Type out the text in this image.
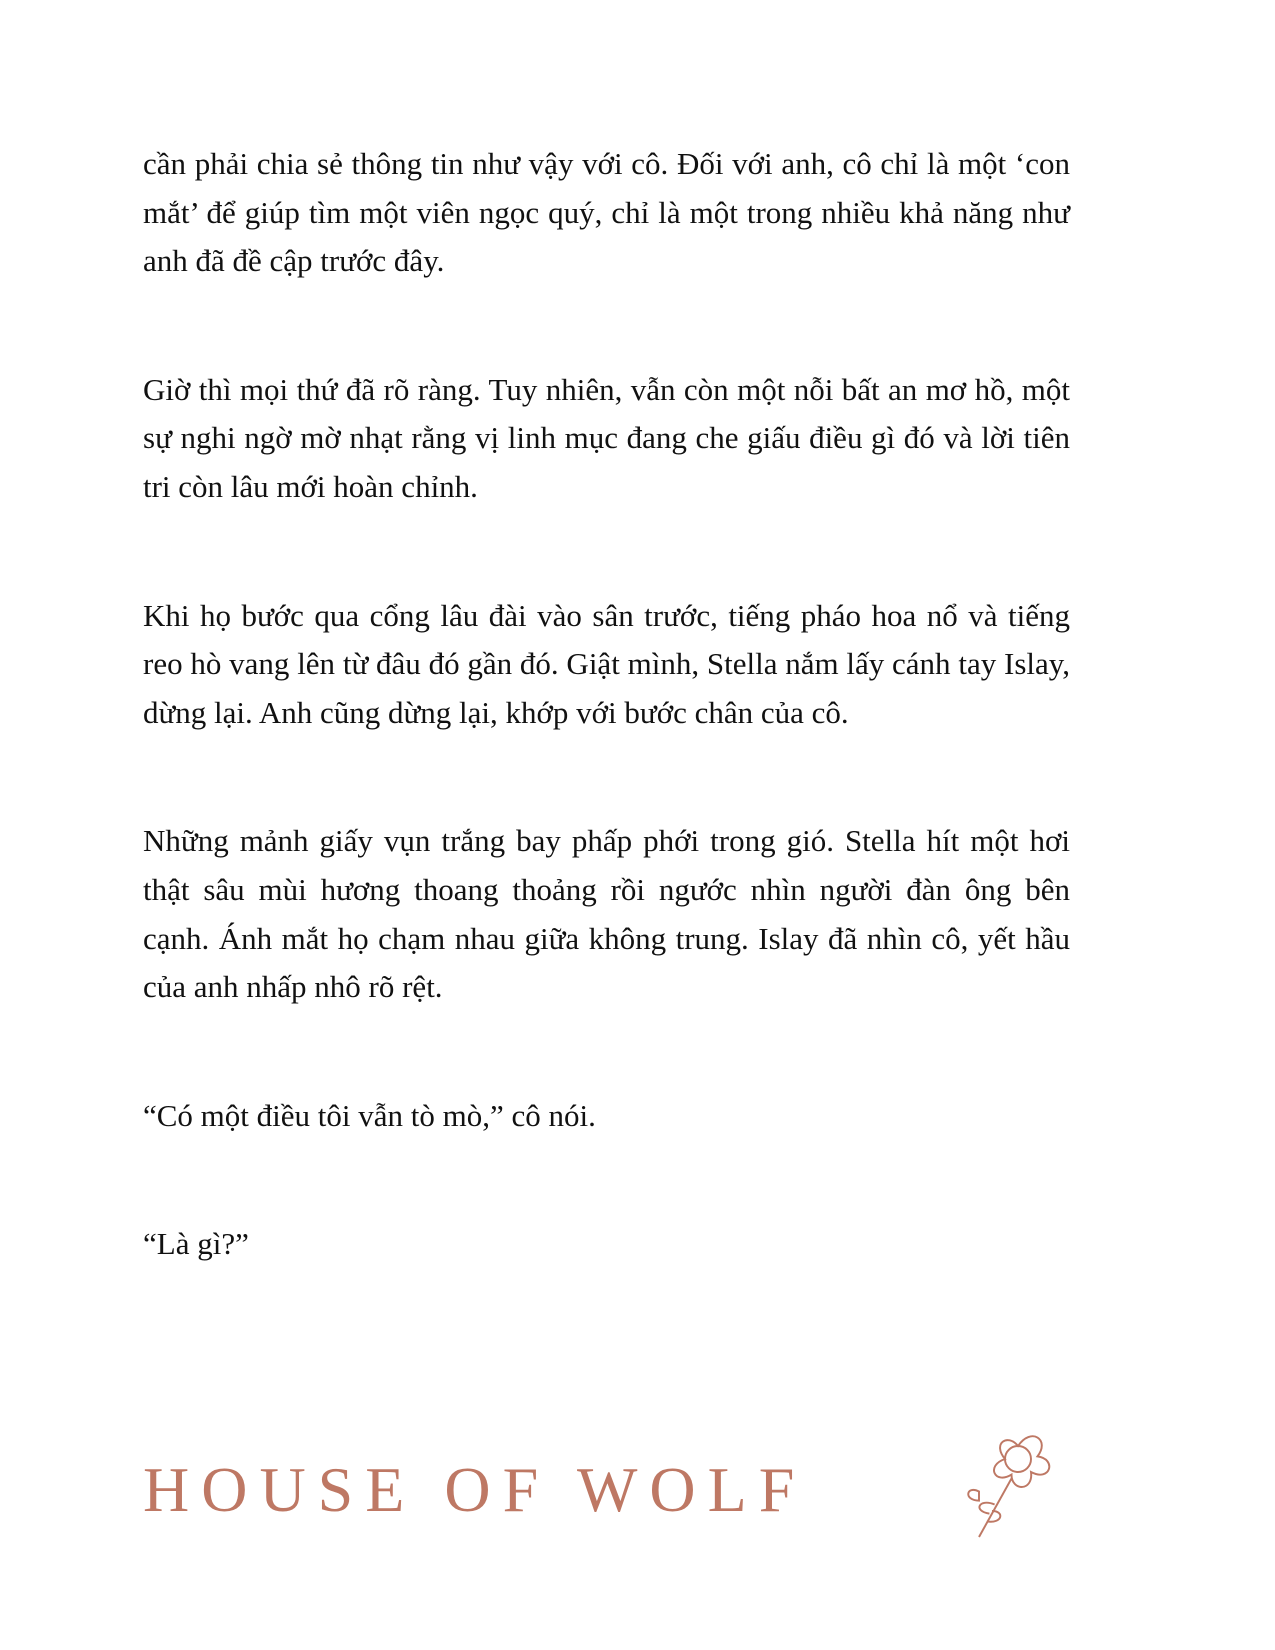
cần phải chia sẻ thông tin như vậy với cô. Đối với anh, cô chỉ là một ‘con mắt’ để giúp tìm một viên ngọc quý, chỉ là một trong nhiều khả năng như anh đã đề cập trước đây.

Giờ thì mọi thứ đã rõ ràng. Tuy nhiên, vẫn còn một nỗi bất an mơ hồ, một sự nghi ngờ mờ nhạt rằng vị linh mục đang che giấu điều gì đó và lời tiên tri còn lâu mới hoàn chỉnh.

Khi họ bước qua cổng lâu đài vào sân trước, tiếng pháo hoa nổ và tiếng reo hò vang lên từ đâu đó gần đó. Giật mình, Stella nắm lấy cánh tay Islay, dừng lại. Anh cũng dừng lại, khớp với bước chân của cô.

Những mảnh giấy vụn trắng bay phấp phới trong gió. Stella hít một hơi thật sâu mùi hương thoang thoảng rồi ngước nhìn người đàn ông bên cạnh. Ánh mắt họ chạm nhau giữa không trung. Islay đã nhìn cô, yết hầu của anh nhấp nhô rõ rệt.

“Có một điều tôi vẫn tò mò,” cô nói.

“Là gì?”

HOUSE OF WOLF
